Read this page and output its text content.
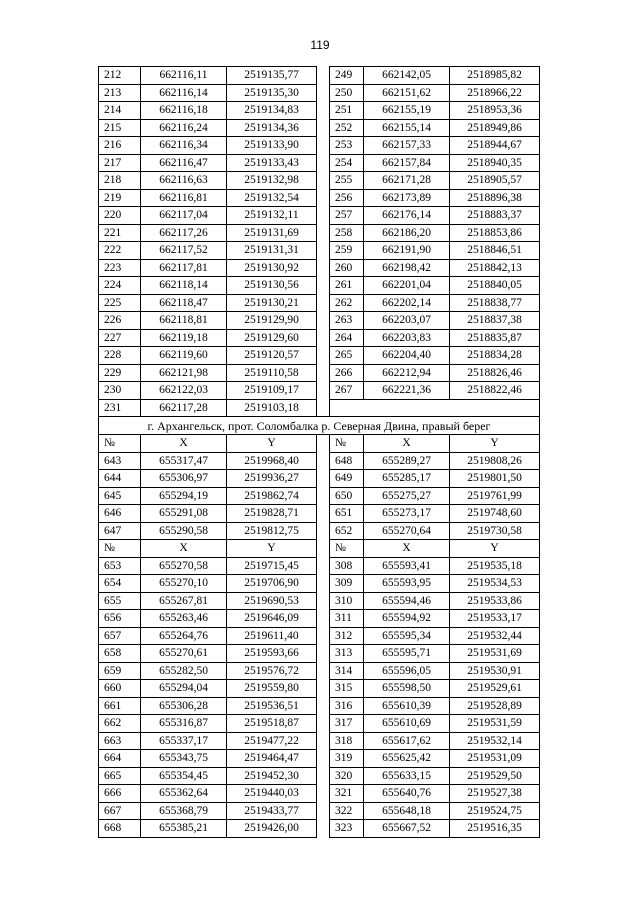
119
212	662116,11	2519135,77		249	662142,05	2518985,82
213	662116,14	2519135,30		250	662151,62	2518966,22
214	662116,18	2519134,83		251	662155,19	2518953,36
215	662116,24	2519134,36		252	662155,14	2518949,86
216	662116,34	2519133,90		253	662157,33	2518944,67
217	662116,47	2519133,43		254	662157,84	2518940,35
218	662116,63	2519132,98		255	662171,28	2518905,57
219	662116,81	2519132,54		256	662173,89	2518896,38
220	662117,04	2519132,11		257	662176,14	2518883,37
221	662117,26	2519131,69		258	662186,20	2518853,86
222	662117,52	2519131,31		259	662191,90	2518846,51
223	662117,81	2519130,92		260	662198,42	2518842,13
224	662118,14	2519130,56		261	662201,04	2518840,05
225	662118,47	2519130,21		262	662202,14	2518838,77
226	662118,81	2519129,90		263	662203,07	2518837,38
227	662119,18	2519129,60		264	662203,83	2518835,87
228	662119,60	2519120,57		265	662204,40	2518834,28
229	662121,98	2519110,58		266	662212,94	2518826,46
230	662122,03	2519109,17		267	662221,36	2518822,46
231	662117,28	2519103,18				
г. Архангельск, прот. Соломбалка р. Северная Двина, правый берег						
№	X	Y		№	X	Y
643	655317,47	2519968,40		648	655289,27	2519808,26
644	655306,97	2519936,27		649	655285,17	2519801,50
645	655294,19	2519862,74		650	655275,27	2519761,99
646	655291,08	2519828,71		651	655273,17	2519748,60
647	655290,58	2519812,75		652	655270,64	2519730,58
№	X	Y		№	X	Y
653	655270,58	2519715,45		308	655593,41	2519535,18
654	655270,10	2519706,90		309	655593,95	2519534,53
655	655267,81	2519690,53		310	655594,46	2519533,86
656	655263,46	2519646,09		311	655594,92	2519533,17
657	655264,76	2519611,40		312	655595,34	2519532,44
658	655270,61	2519593,66		313	655595,71	2519531,69
659	655282,50	2519576,72		314	655596,05	2519530,91
660	655294,04	2519559,80		315	655598,50	2519529,61
661	655306,28	2519536,51		316	655610,39	2519528,89
662	655316,87	2519518,87		317	655610,69	2519531,59
663	655337,17	2519477,22		318	655617,62	2519532,14
664	655343,75	2519464,47		319	655625,42	2519531,09
665	655354,45	2519452,30		320	655633,15	2519529,50
666	655362,64	2519440,03		321	655640,76	2519527,38
667	655368,79	2519433,77		322	655648,18	2519524,75
668	655385,21	2519426,00		323	655667,52	2519516,35
